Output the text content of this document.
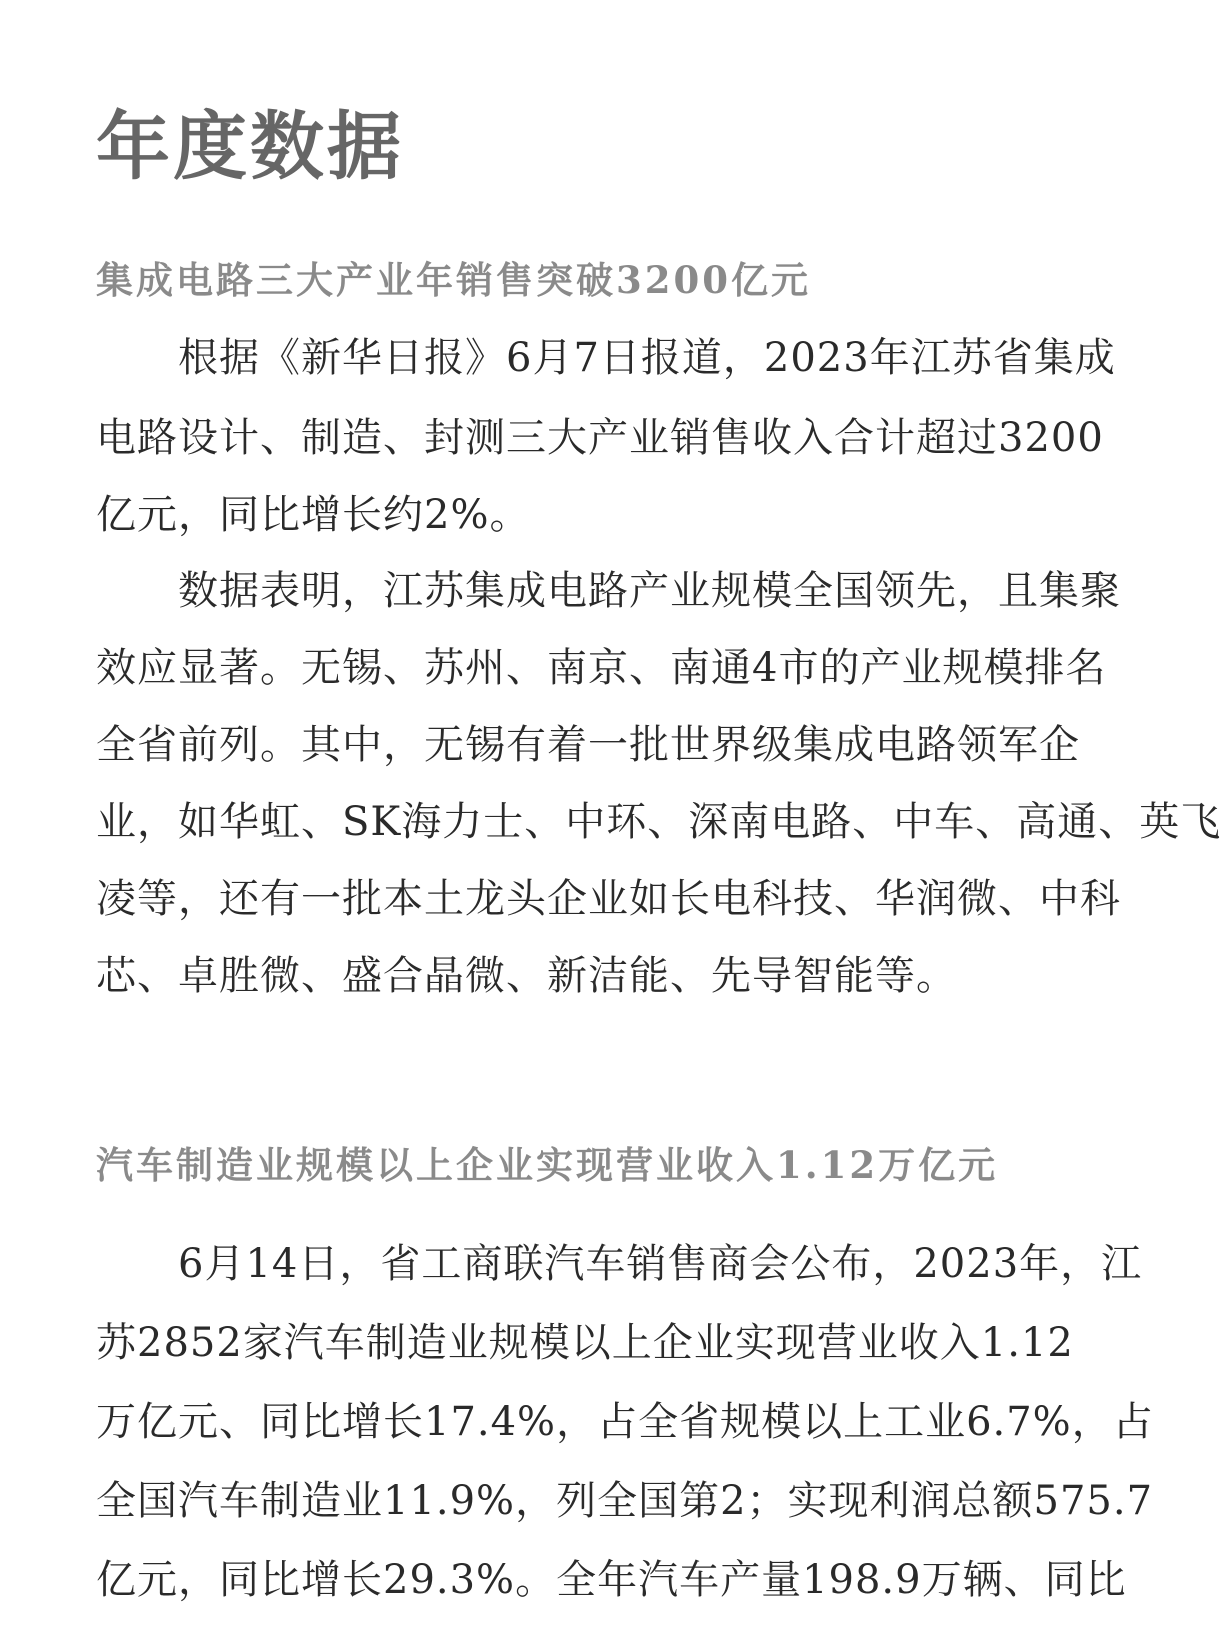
年度数据
集成电路三大产业年销售突破3200亿元

根据《新华日报》6月7日报道，2023年江苏省集成

电路设计、制造、封测三大产业销售收入合计超过3200

亿元，同比增长约2%。

数据表明，江苏集成电路产业规模全国领先，且集聚

效应显著。无锡、苏州、南京、南通4市的产业规模排名

全省前列。其中，无锡有着一批世界级集成电路领军企

业，如华虹、SK海力士、中环、深南电路、中车、高通、英飞

凌等，还有一批本土龙头企业如长电科技、华润微、中科

芯、卓胜微、盛合晶微、新洁能、先导智能等。

汽车制造业规模以上企业实现营业收入1.12万亿元

6月14日，省工商联汽车销售商会公布，2023年，江

苏2852家汽车制造业规模以上企业实现营业收入1.12

万亿元、同比增长17.4%，占全省规模以上工业6.7%，占

全国汽车制造业11.9%，列全国第2；实现利润总额575.7

亿元，同比增长29.3%。全年汽车产量198.9万辆、同比
